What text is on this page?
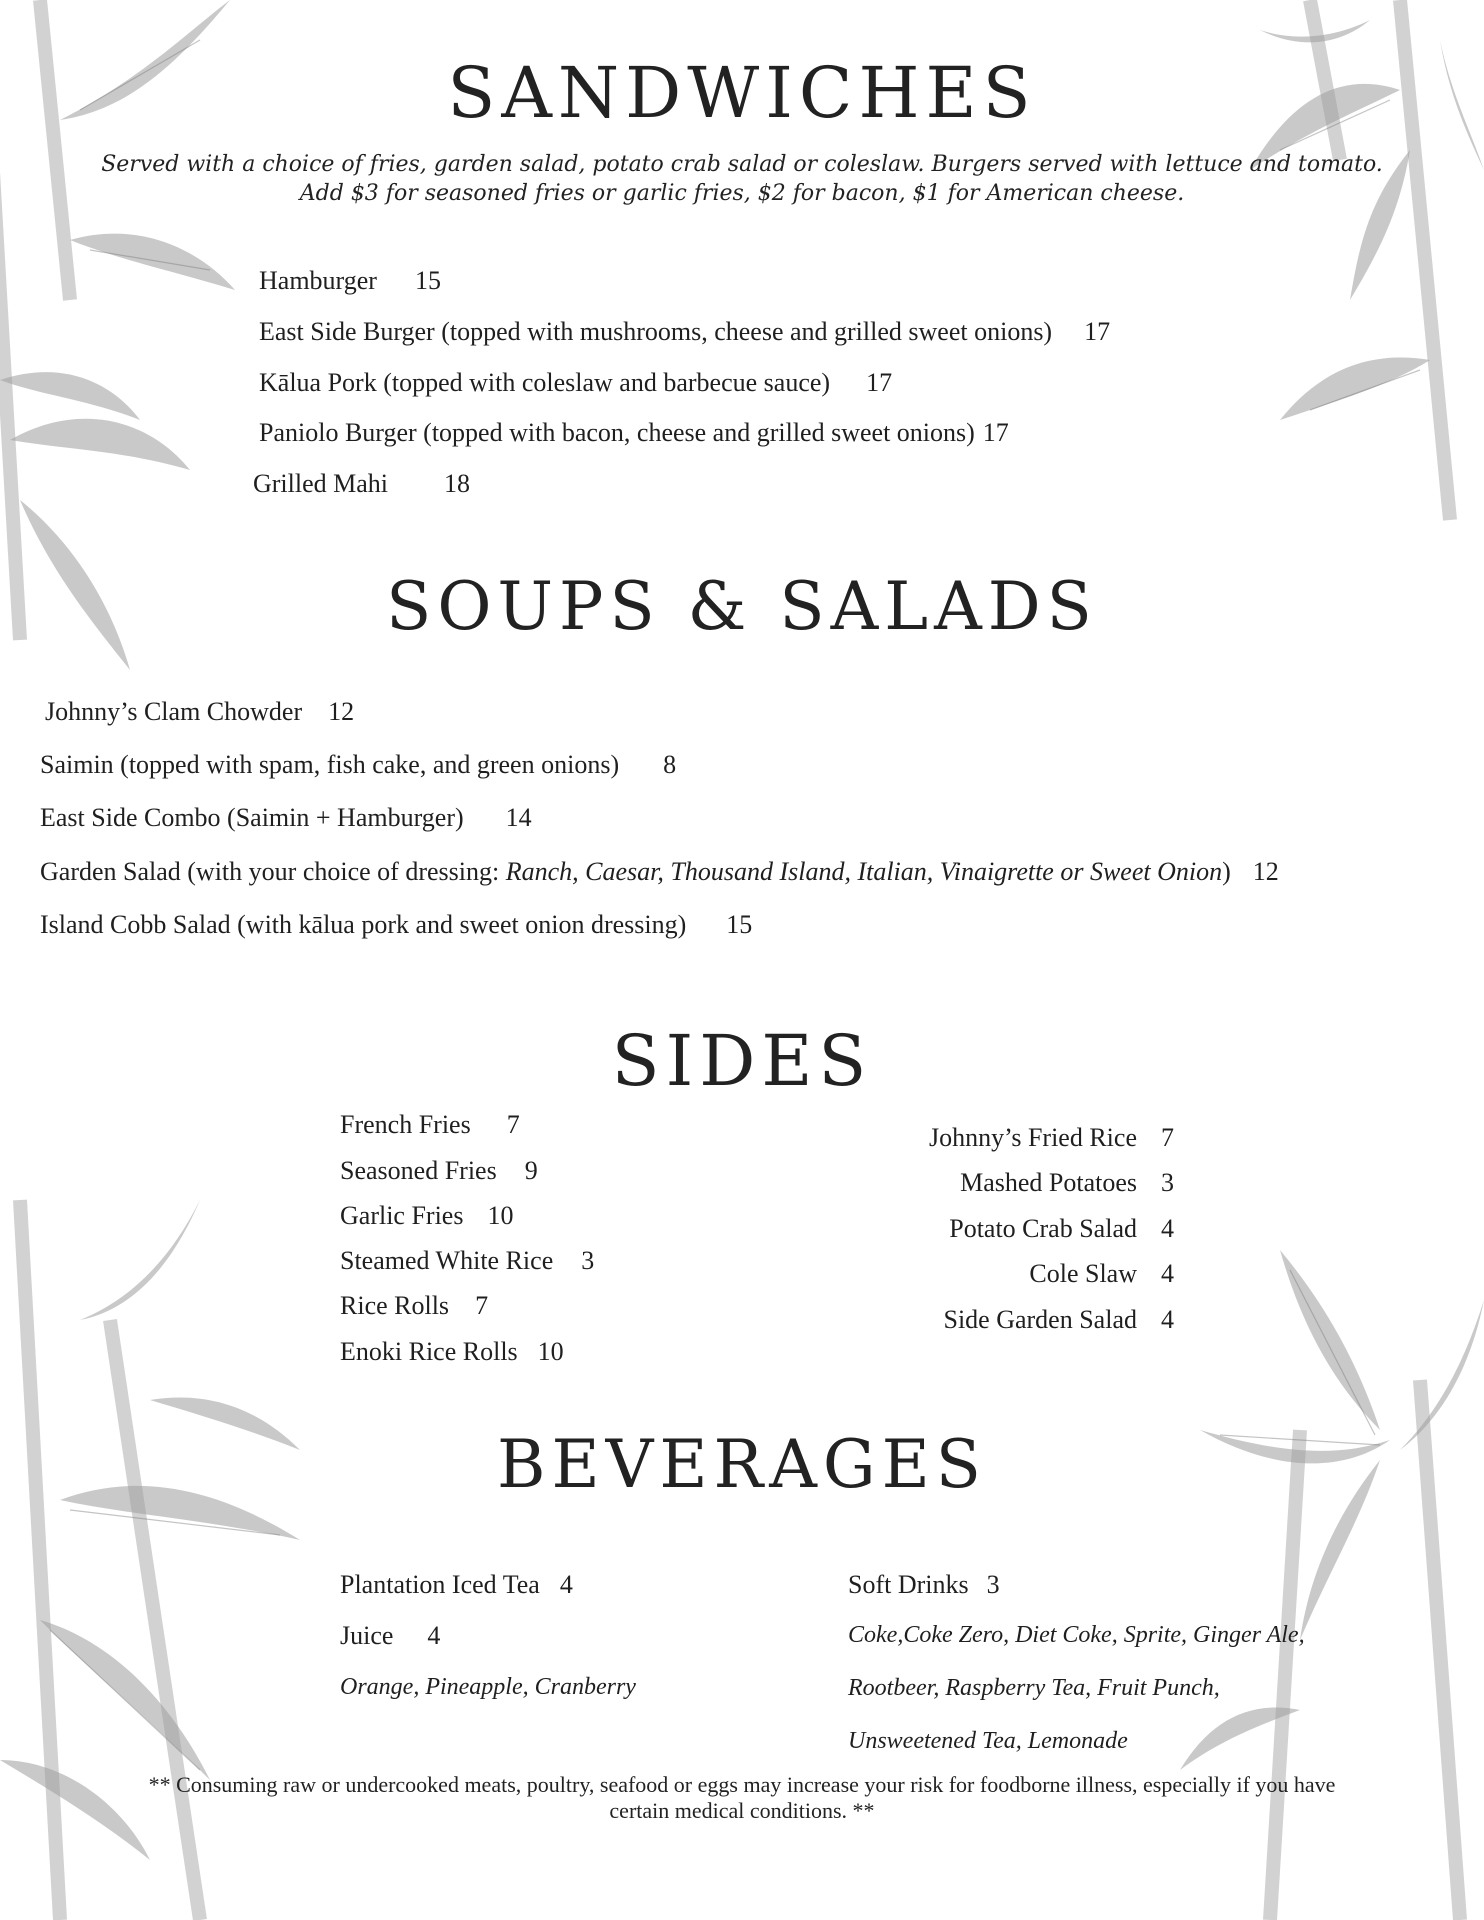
SANDWICHES
Served with a choice of fries, garden salad, potato crab salad or coleslaw. Burgers served with lettuce and tomato.
Add $3 for seasoned fries or garlic fries, $2 for bacon, $1 for American cheese.
Hamburger 15
East Side Burger (topped with mushrooms, cheese and grilled sweet onions) 17
Kālua Pork (topped with coleslaw and barbecue sauce) 17
Paniolo Burger (topped with bacon, cheese and grilled sweet onions) 17
Grilled Mahi 18
SOUPS & SALADS
Johnny’s Clam Chowder 12
Saimin (topped with spam, fish cake, and green onions) 8
East Side Combo (Saimin + Hamburger) 14
Garden Salad (with your choice of dressing: Ranch, Caesar, Thousand Island, Italian, Vinaigrette or Sweet Onion) 12
Island Cobb Salad (with kālua pork and sweet onion dressing) 15
SIDES
French Fries 7
Seasoned Fries 9
Garlic Fries 10
Steamed White Rice 3
Rice Rolls 7
Enoki Rice Rolls 10
Johnny’s Fried Rice 7
Mashed Potatoes 3
Potato Crab Salad 4
Cole Slaw 4
Side Garden Salad 4
BEVERAGES
Plantation Iced Tea 4
Juice 4
Orange, Pineapple, Cranberry
Soft Drinks 3
Coke,Coke Zero, Diet Coke, Sprite, Ginger Ale,
Rootbeer, Raspberry Tea, Fruit Punch,
Unsweetened Tea, Lemonade
** Consuming raw or undercooked meats, poultry, seafood or eggs may increase your risk for foodborne illness, especially if you have
certain medical conditions. **
